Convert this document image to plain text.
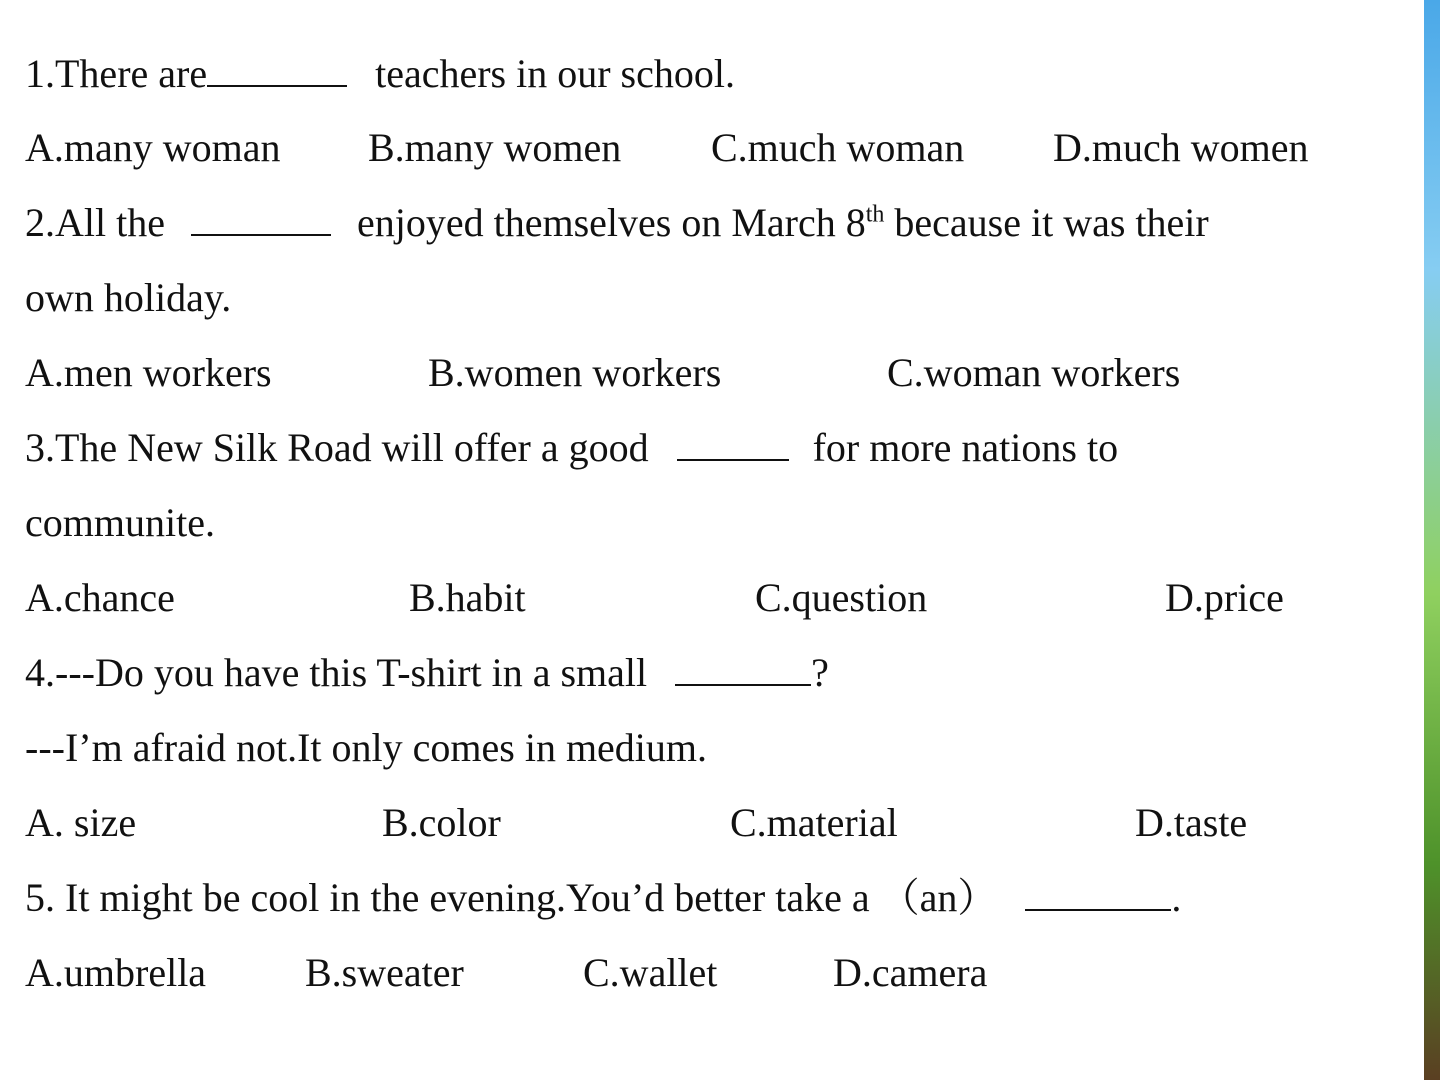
1.There are	teachers in our school.
A.many woman B.many women C.much woman D.much women
2.All the	enjoyed themselves on March 8th because it was their
own holiday.
A.men workers	B.women workers	C.woman workers
3.The New Silk Road will offer a good	for more nations to
communite.
A.chance	B.habit	C.question	D.price
4.---Do you have this T-shirt in a small	?
---I’m afraid not.It only comes in medium.
A. size	B.color	C.material	D.taste
5. It might be cool in the evening.You’d better take a （an）	.
A.umbrella B.sweater	C.wallet	D.camera
